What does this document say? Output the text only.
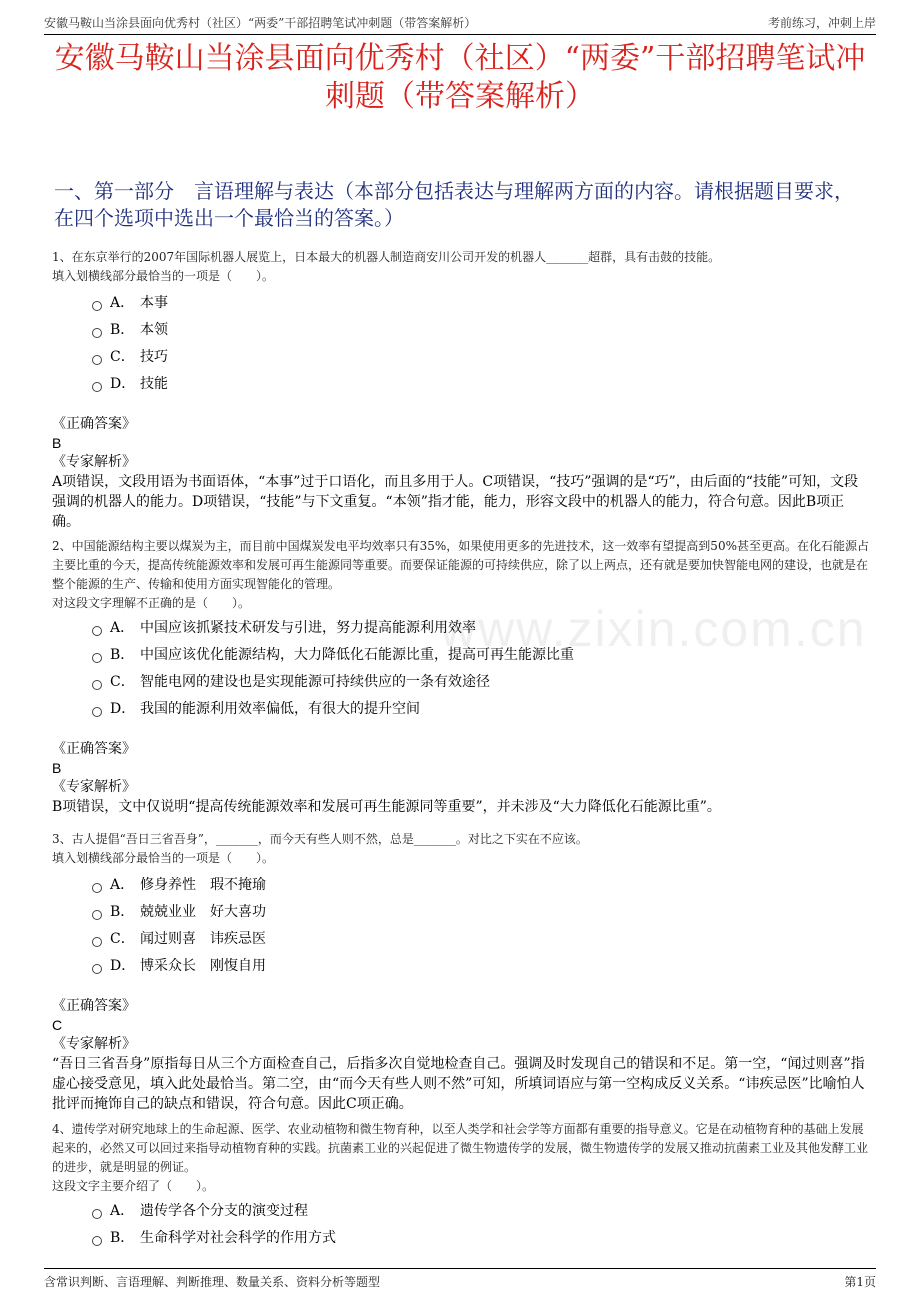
安徽马鞍山当涂县面向优秀村（社区）“两委”干部招聘笔试冲刺题（带答案解析）	考前练习，冲刺上岸
安徽马鞍山当涂县面向优秀村（社区）“两委”干部招聘笔试冲刺题（带答案解析）
一、第一部分　言语理解与表达（本部分包括表达与理解两方面的内容。请根据题目要求，在四个选项中选出一个最恰当的答案。）
www.zixin.com.cn
1、在东京举行的2007年国际机器人展览上，日本最大的机器人制造商安川公司开发的机器人_______超群，具有击鼓的技能。
填入划横线部分最恰当的一项是（　　）。
A． 本事
B． 本领
C． 技巧
D． 技能
《正确答案》
B
《专家解析》
A项错误，文段用语为书面语体，“本事”过于口语化，而且多用于人。C项错误，“技巧”强调的是“巧”，由后面的“技能”可知，文段强调的机器人的能力。D项错误，“技能”与下文重复。“本领”指才能，能力，形容文段中的机器人的能力，符合句意。因此B项正确。
2、中国能源结构主要以煤炭为主，而目前中国煤炭发电平均效率只有35%，如果使用更多的先进技术，这一效率有望提高到50%甚至更高。在化石能源占主要比重的今天，提高传统能源效率和发展可再生能源同等重要。而要保证能源的可持续供应，除了以上两点，还有就是要加快智能电网的建设，也就是在整个能源的生产、传输和使用方面实现智能化的管理。
对这段文字理解不正确的是（　　）。
A． 中国应该抓紧技术研发与引进，努力提高能源利用效率
B． 中国应该优化能源结构，大力降低化石能源比重，提高可再生能源比重
C． 智能电网的建设也是实现能源可持续供应的一条有效途径
D． 我国的能源利用效率偏低，有很大的提升空间
《正确答案》
B
《专家解析》
B项错误，文中仅说明“提高传统能源效率和发展可再生能源同等重要”，并未涉及“大力降低化石能源比重”。
3、古人提倡“吾日三省吾身”，_______，而今天有些人则不然，总是_______。对比之下实在不应该。
填入划横线部分最恰当的一项是（　　）。
A． 修身养性　瑕不掩瑜
B． 兢兢业业　好大喜功
C． 闻过则喜　讳疾忌医
D． 博采众长　刚愎自用
《正确答案》
C
《专家解析》
“吾日三省吾身”原指每日从三个方面检查自己，后指多次自觉地检查自己。强调及时发现自己的错误和不足。第一空，“闻过则喜”指虚心接受意见，填入此处最恰当。第二空，由“而今天有些人则不然”可知，所填词语应与第一空构成反义关系。“讳疾忌医”比喻怕人批评而掩饰自己的缺点和错误，符合句意。因此C项正确。
4、遗传学对研究地球上的生命起源、医学、农业动植物和微生物育种，以至人类学和社会学等方面都有重要的指导意义。它是在动植物育种的基础上发展起来的，必然又可以回过来指导动植物育种的实践。抗菌素工业的兴起促进了微生物遗传学的发展，微生物遗传学的发展又推动抗菌素工业及其他发酵工业的进步，就是明显的例证。
这段文字主要介绍了（　　）。
A． 遗传学各个分支的演变过程
B． 生命科学对社会科学的作用方式
含常识判断、言语理解、判断推理、数量关系、资料分析等题型	第1页
